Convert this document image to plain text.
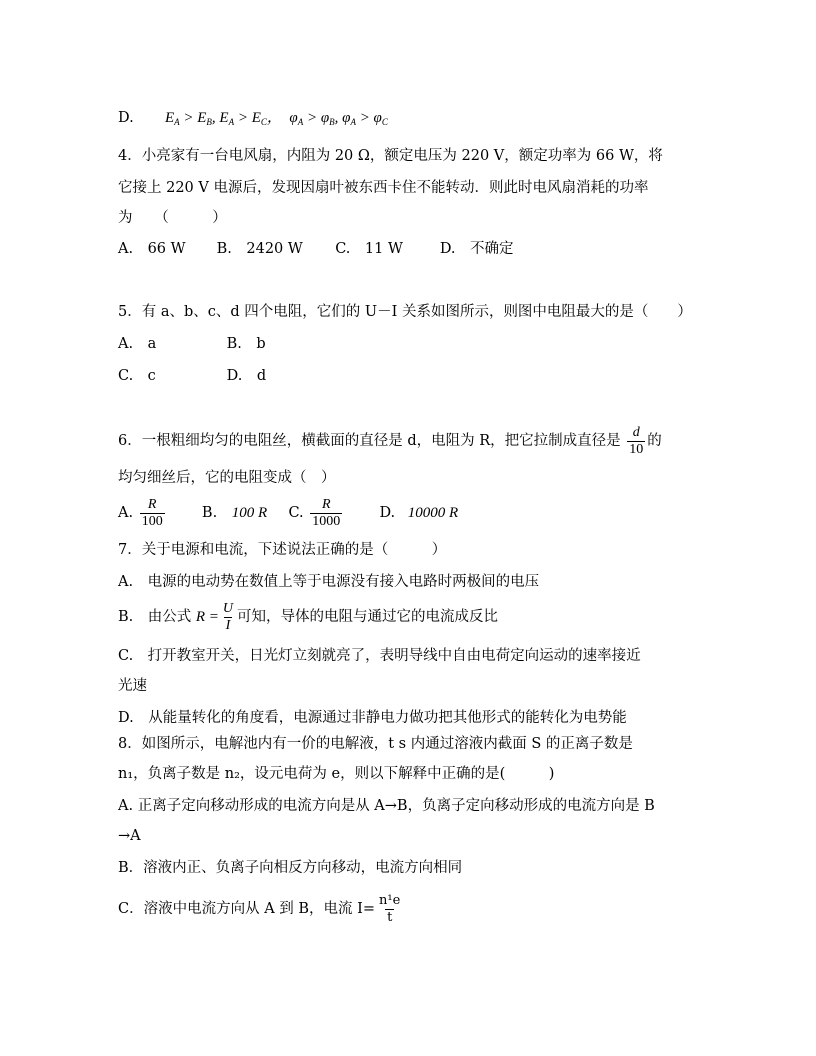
D. $E_A > E_B$, $E_A > E_C$，  $\varphi_A > \varphi_B$, $\varphi_A > \varphi_C$
4．小亮家有一台电风扇，内阻为 20 Ω，额定电压为 220 V，额定功率为 66 W，将
它接上 220 V 电源后，发现因扇叶被东西卡住不能转动．则此时电风扇消耗的功率
为　　（　　　）
A.　66 W B.　2420 W C.　11 W	D.　不确定
5．有 a、b、c、d 四个电阻，它们的 U－I 关系如图所示，则图中电阻最大的是（　　）
A.　a	B.　b
C.　c	D.　d
6．一根粗细均匀的电阻丝，横截面的直径是 d，电阻为 R，把它拉制成直径是 $\frac{d}{10}$ 的
均匀细丝后，它的电阻变成（　）
A. $\frac{R}{100}$	B. 100 R C. $\frac{R}{1000}$	D. 10000 R
7．关于电源和电流，下述说法正确的是（　　　）
A.　电源的电动势在数值上等于电源没有接入电路时两极间的电压
B.　由公式 $R = \frac{U}{I}$ 可知，导体的电阻与通过它的电流成反比
C.　打开教室开关，日光灯立刻就亮了，表明导线中自由电荷定向运动的速率接近
光速
D.　从能量转化的角度看，电源通过非静电力做功把其他形式的能转化为电势能
8．如图所示，电解池内有一价的电解液，t s 内通过溶液内截面 S 的正离子数是
n₁，负离子数是 n₂，设元电荷为 e，则以下解释中正确的是(　　　)
A. 正离子定向移动形成的电流方向是从 A→B，负离子定向移动形成的电流方向是 B
→A
B．溶液内正、负离子向相反方向移动，电流方向相同
C．溶液中电流方向从 A 到 B，电流 $I= \frac{\text{n¹e}}{t}$
